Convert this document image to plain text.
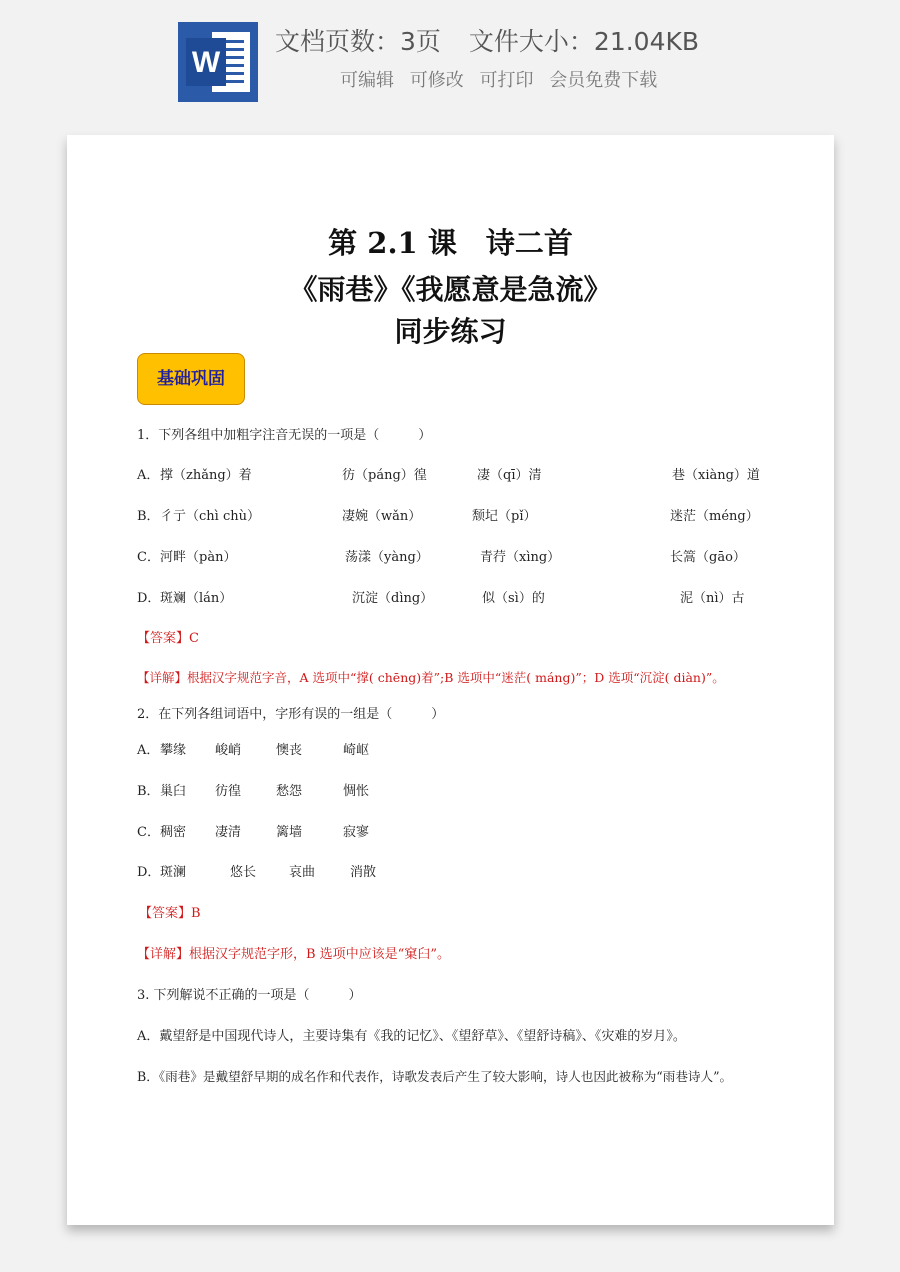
W
文档页数：3页 文件大小：21.04KB
可编辑 可修改 可打印 会员免费下载
第 2.1 课　诗二首
《雨巷》《我愿意是急流》
同步练习
基础巩固
1．下列各组中加粗字注音无误的一项是（　　　）
A． 撑（zhǎng）着	彷（páng）徨	凄（qī）清	巷（xiàng）道
B． 彳亍（chì chù）	凄婉（wǎn）	颓圮（pǐ）	迷茫（méng）
C． 河畔（pàn）	荡漾（yàng）	青荇（xìng）	长篙（gāo）
D． 斑斓（lán）	沉淀（dìng）	似（sì）的	泥（nì）古
【答案】C
【详解】根据汉字规范字音，A 选项中“撑( chēng)着”;B 选项中“迷茫( máng)”；D 选项“沉淀( diàn)”。
2．在下列各组词语中，字形有误的一组是（　　　）
A． 攀缘 峻峭	懊丧	崎岖
B． 巢臼 彷徨	愁怨	惆怅
C． 稠密 凄清	篱墙	寂寥
D． 斑澜	悠长	哀曲	消散
【答案】B
【详解】根据汉字规范字形，B 选项中应该是“窠臼”。
3. 下列解说不正确的一项是（　　　）
A．戴望舒是中国现代诗人，主要诗集有《我的记忆》、《望舒草》、《望舒诗稿》、《灾难的岁月》。
B．《雨巷》是戴望舒早期的成名作和代表作，诗歌发表后产生了较大影响，诗人也因此被称为“雨巷诗人”。
